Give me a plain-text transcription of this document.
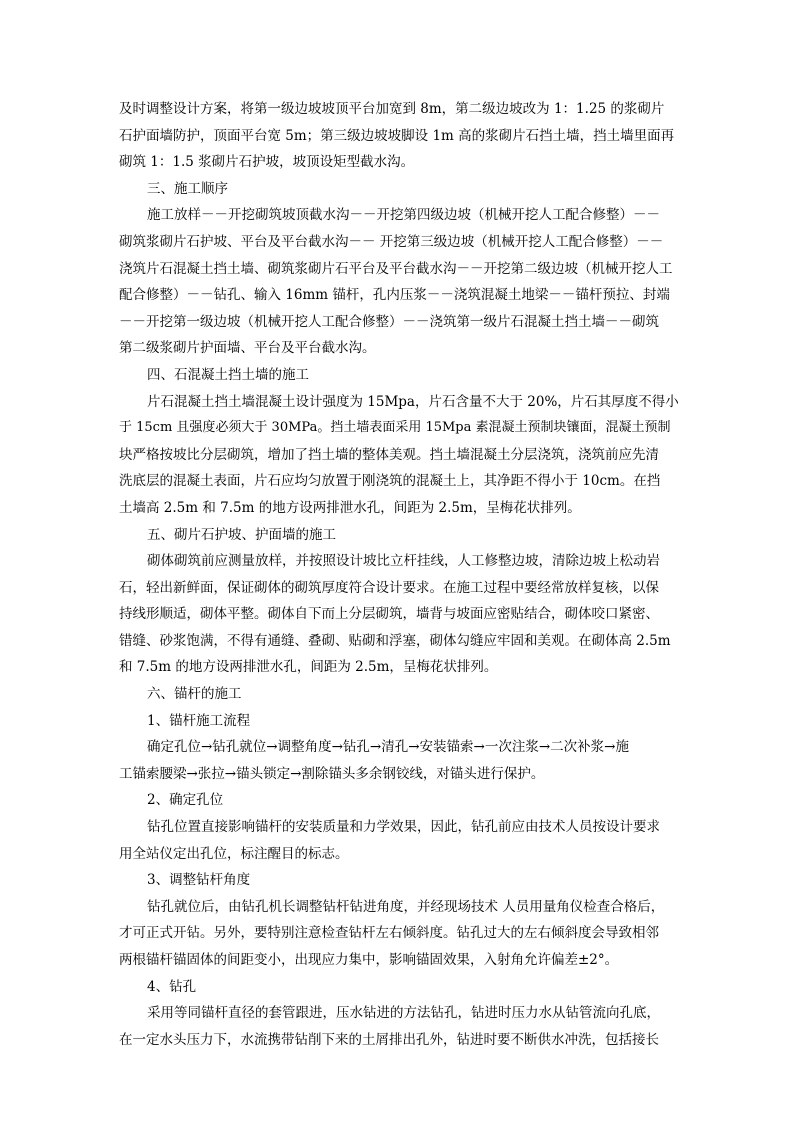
及时调整设计方案，将第一级边坡坡顶平台加宽到 8m，第二级边坡改为 1：1.25 的浆砌片
石护面墙防护，顶面平台宽 5m；第三级边坡坡脚设 1m 高的浆砌片石挡土墙，挡土墙里面再
砌筑 1：1.5 浆砌片石护坡，坡顶设矩型截水沟。
三、施工顺序
施工放样－－开挖砌筑坡顶截水沟－－开挖第四级边坡（机械开挖人工配合修整）－－
砌筑浆砌片石护坡、平台及平台截水沟－－ 开挖第三级边坡（机械开挖人工配合修整）－－
浇筑片石混凝土挡土墙、砌筑浆砌片石平台及平台截水沟－－开挖第二级边坡（机械开挖人工
配合修整）－－钻孔、输入 16mm 锚杆，孔内压浆－－浇筑混凝土地梁－－锚杆预拉、封端
－－开挖第一级边坡（机械开挖人工配合修整）－－浇筑第一级片石混凝土挡土墙－－砌筑
第二级浆砌片护面墙、平台及平台截水沟。
四、石混凝土挡土墙的施工
片石混凝土挡土墙混凝土设计强度为 15Mpa，片石含量不大于 20%，片石其厚度不得小
于 15cm 且强度必须大于 30MPa。挡土墙表面采用 15Mpa 素混凝土预制块镶面，混凝土预制
块严格按坡比分层砌筑，增加了挡土墙的整体美观。挡土墙混凝土分层浇筑，浇筑前应先清
洗底层的混凝土表面，片石应均匀放置于刚浇筑的混凝土上，其净距不得小于 10cm。在挡
土墙高 2.5m 和 7.5m 的地方设两排泄水孔，间距为 2.5m，呈梅花状排列。
五、砌片石护坡、护面墙的施工
砌体砌筑前应测量放样，并按照设计坡比立杆挂线，人工修整边坡，清除边坡上松动岩
石，轻出新鲜面，保证砌体的砌筑厚度符合设计要求。在施工过程中要经常放样复核，以保
持线形顺适，砌体平整。砌体自下而上分层砌筑，墙背与坡面应密贴结合，砌体咬口紧密、
错缝、砂浆饱满，不得有通缝、叠砌、贴砌和浮塞，砌体勾缝应牢固和美观。在砌体高 2.5m
和 7.5m 的地方设两排泄水孔，间距为 2.5m，呈梅花状排列。
六、锚杆的施工
1、锚杆施工流程
确定孔位→钻孔就位→调整角度→钻孔→清孔→安装锚索→一次注浆→二次补浆→施
工锚索腰梁→张拉→锚头锁定→割除锚头多余钢铰线，对锚头进行保护。
2、确定孔位
钻孔位置直接影响锚杆的安装质量和力学效果，因此，钻孔前应由技术人员按设计要求
用全站仪定出孔位，标注醒目的标志。
3、调整钻杆角度
钻孔就位后，由钻孔机长调整钻杆钻进角度，并经现场技术 人员用量角仪检查合格后，
才可正式开钻。另外，要特别注意检查钻杆左右倾斜度。钻孔过大的左右倾斜度会导致相邻
两根锚杆锚固体的间距变小，出现应力集中，影响锚固效果，入射角允许偏差±2°。
4、钻孔
采用等同锚杆直径的套管跟进，压水钻进的方法钻孔，钻进时压力水从钻管流向孔底，
在一定水头压力下，水流携带钻削下来的土屑排出孔外，钻进时要不断供水冲洗，包括接长
